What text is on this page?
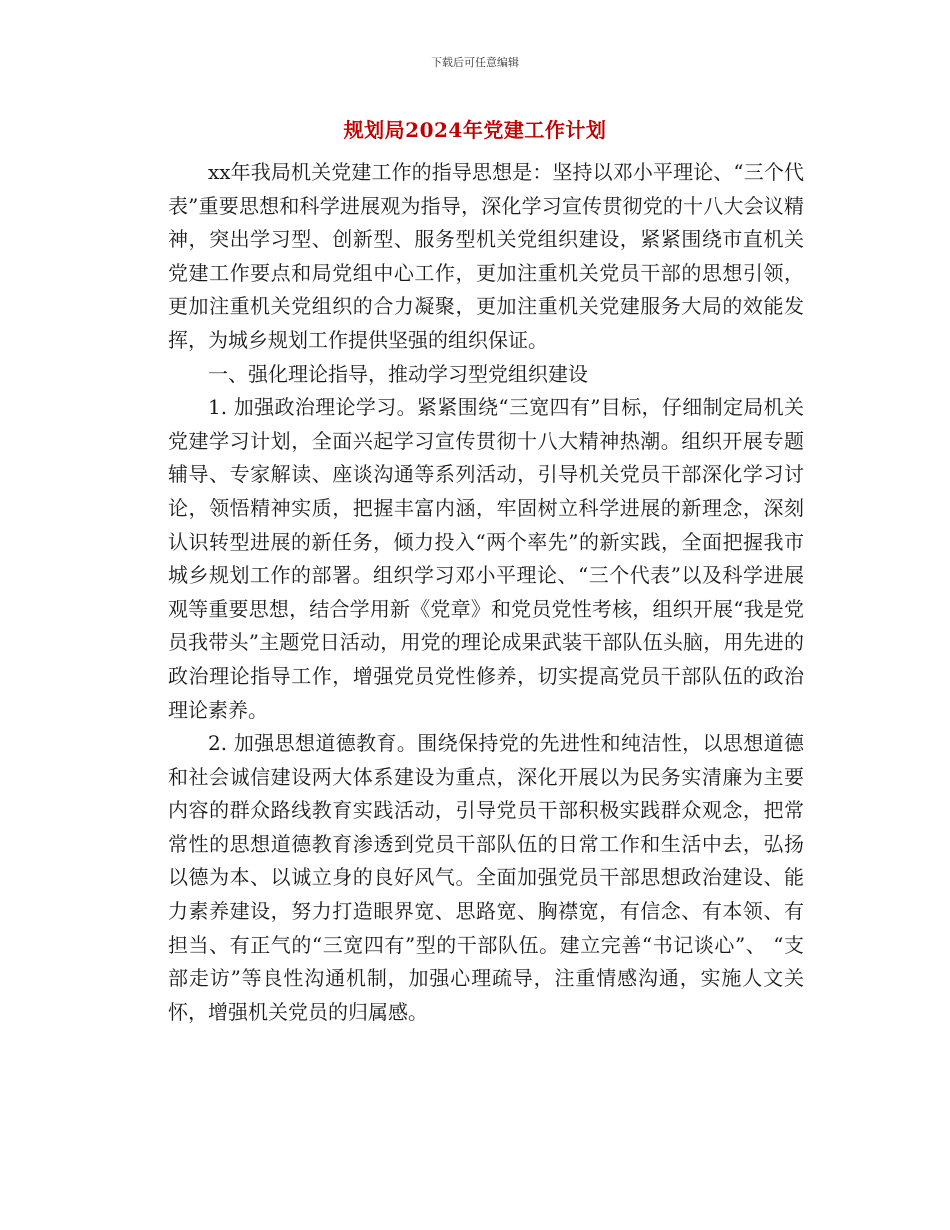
下载后可任意编辑
规划局2024年党建工作计划

xx年我局机关党建工作的指导思想是：坚持以邓小平理论、“三个代表”重要思想和科学进展观为指导，深化学习宣传贯彻党的十八大会议精神，突出学习型、创新型、服务型机关党组织建设，紧紧围绕市直机关党建工作要点和局党组中心工作，更加注重机关党员干部的思想引领，更加注重机关党组织的合力凝聚，更加注重机关党建服务大局的效能发挥，为城乡规划工作提供坚强的组织保证。

一、强化理论指导，推动学习型党组织建设

1. 加强政治理论学习。紧紧围绕“三宽四有”目标，仔细制定局机关党建学习计划，全面兴起学习宣传贯彻十八大精神热潮。组织开展专题辅导、专家解读、座谈沟通等系列活动，引导机关党员干部深化学习讨论，领悟精神实质，把握丰富内涵，牢固树立科学进展的新理念，深刻认识转型进展的新任务，倾力投入“两个率先”的新实践，全面把握我市城乡规划工作的部署。组织学习邓小平理论、“三个代表”以及科学进展观等重要思想，结合学用新《党章》和党员党性考核，组织开展“我是党员我带头”主题党日活动，用党的理论成果武装干部队伍头脑，用先进的政治理论指导工作，增强党员党性修养，切实提高党员干部队伍的政治理论素养。

2. 加强思想道德教育。围绕保持党的先进性和纯洁性，以思想道德和社会诚信建设两大体系建设为重点，深化开展以为民务实清廉为主要内容的群众路线教育实践活动，引导党员干部积极实践群众观念，把常常性的思想道德教育渗透到党员干部队伍的日常工作和生活中去，弘扬以德为本、以诚立身的良好风气。全面加强党员干部思想政治建设、能力素养建设，努力打造眼界宽、思路宽、胸襟宽，有信念、有本领、有担当、有正气的“三宽四有”型的干部队伍。建立完善“书记谈心”、 “支部走访”等良性沟通机制，加强心理疏导，注重情感沟通，实施人文关怀，增强机关党员的归属感。
